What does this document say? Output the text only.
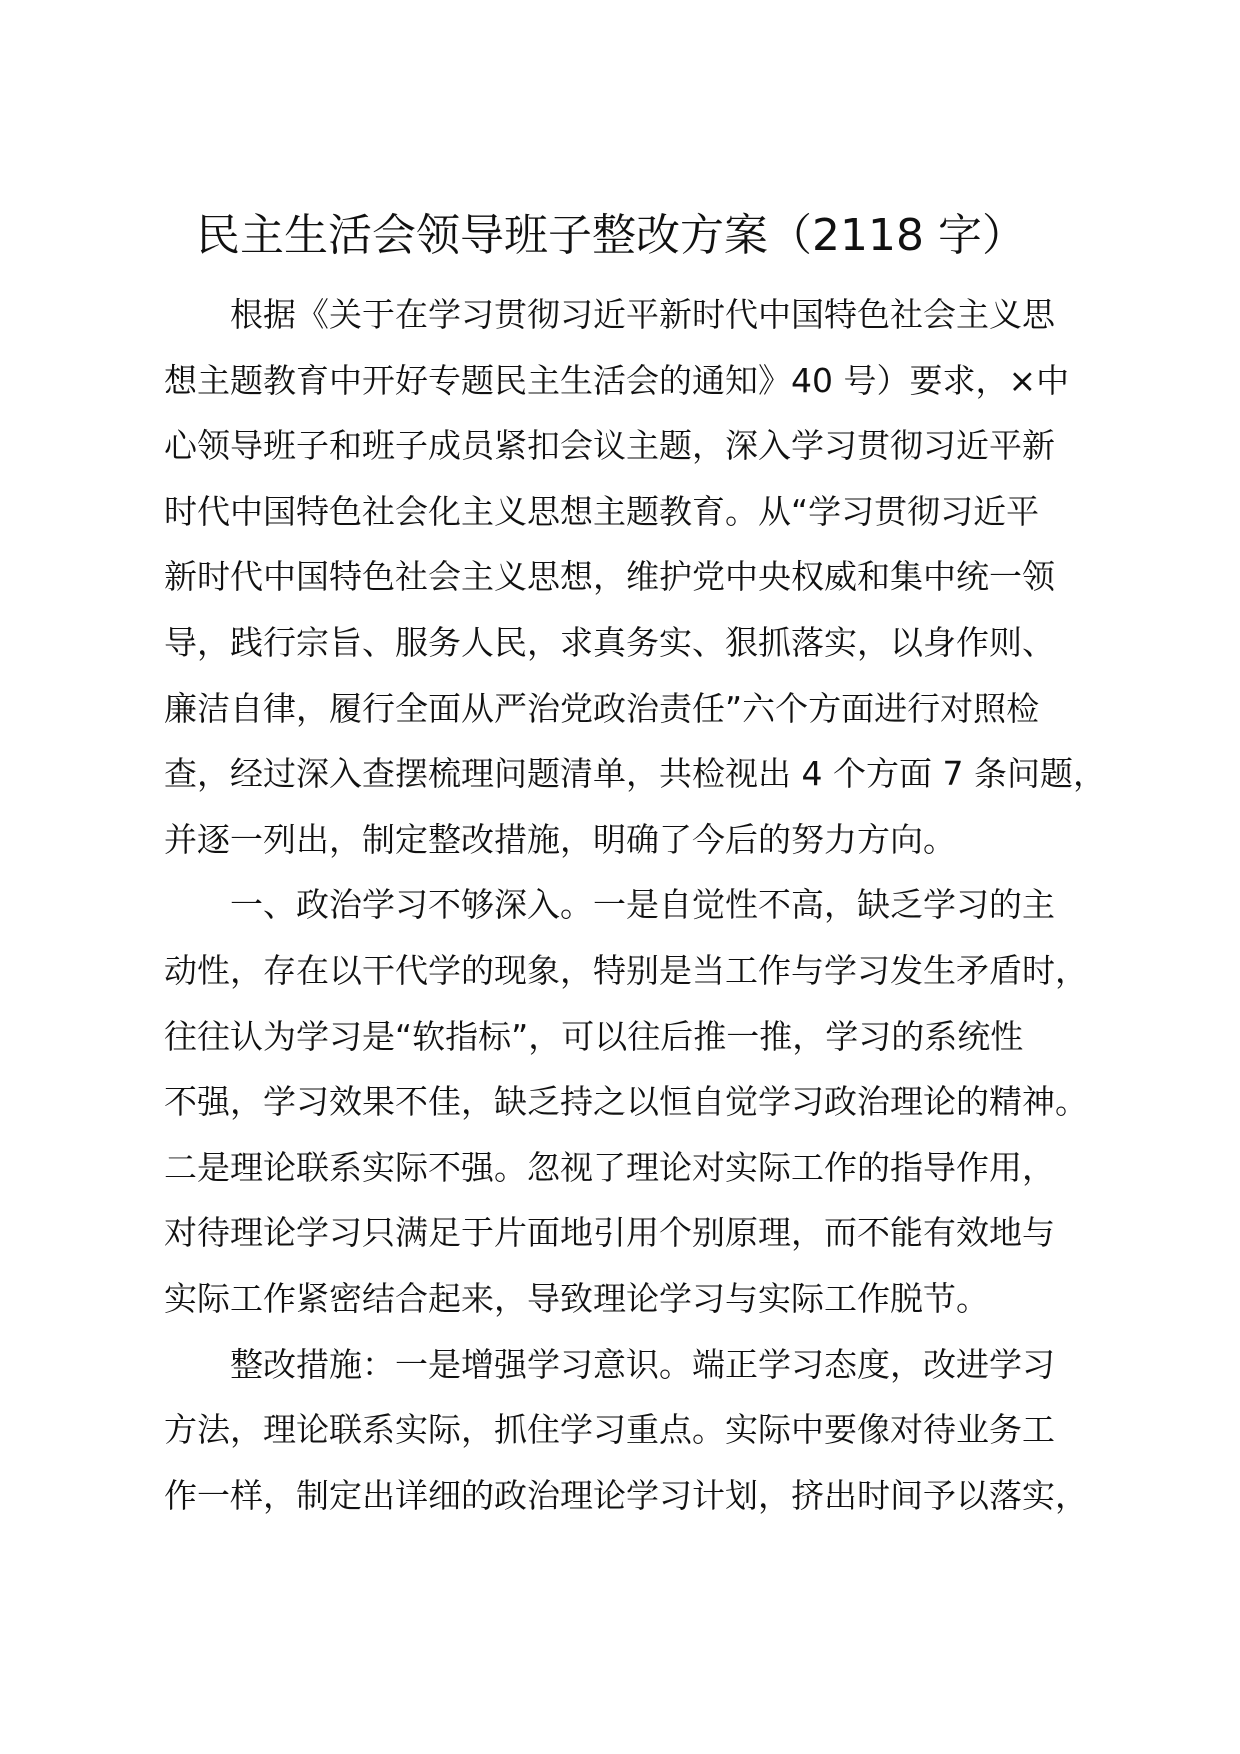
民主生活会领导班子整改方案（2118 字）
根据《关于在学习贯彻习近平新时代中国特色社会主义思
想主题教育中开好专题民主生活会的通知》40 号）要求，×中
心领导班子和班子成员紧扣会议主题，深入学习贯彻习近平新
时代中国特色社会化主义思想主题教育。从“学习贯彻习近平
新时代中国特色社会主义思想，维护党中央权威和集中统一领
导，践行宗旨、服务人民，求真务实、狠抓落实，以身作则、
廉洁自律，履行全面从严治党政治责任”六个方面进行对照检
查，经过深入查摆梳理问题清单，共检视出 4 个方面 7 条问题，
并逐一列出，制定整改措施，明确了今后的努力方向。
一、政治学习不够深入。一是自觉性不高，缺乏学习的主
动性，存在以干代学的现象，特别是当工作与学习发生矛盾时，
往往认为学习是“软指标”，可以往后推一推，学习的系统性
不强，学习效果不佳，缺乏持之以恒自觉学习政治理论的精神。
二是理论联系实际不强。忽视了理论对实际工作的指导作用，
对待理论学习只满足于片面地引用个别原理，而不能有效地与
实际工作紧密结合起来，导致理论学习与实际工作脱节。
整改措施：一是增强学习意识。端正学习态度，改进学习
方法，理论联系实际，抓住学习重点。实际中要像对待业务工
作一样，制定出详细的政治理论学习计划，挤出时间予以落实，
